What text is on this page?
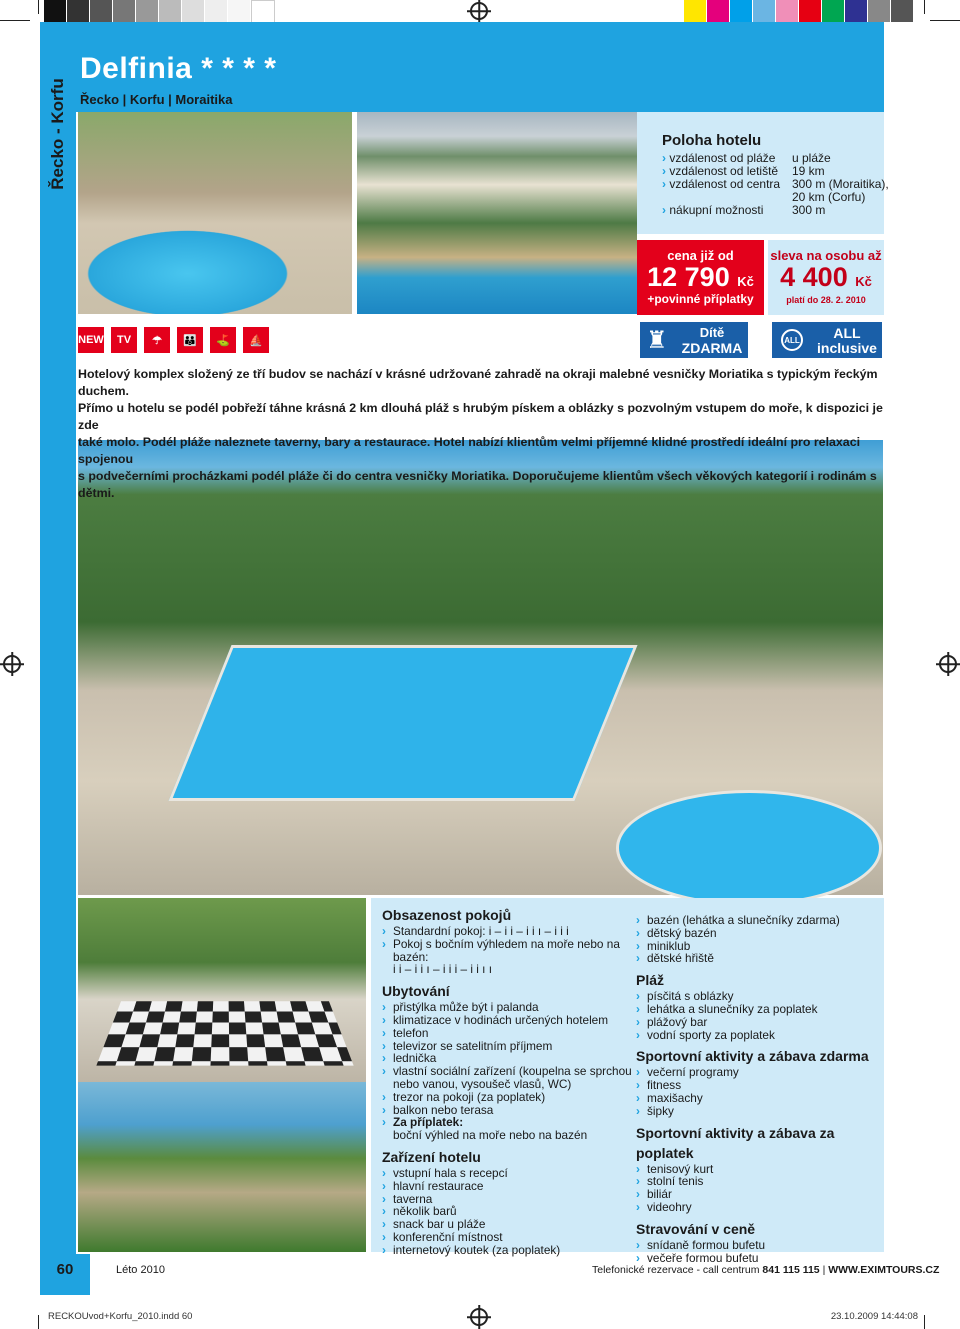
Řecko - Korfu
Delfinia * * * *
Řecko | Korfu | Moraitika
Poloha hotelu
› vzdálenost od pláže u pláže
› vzdálenost od letiště 19 km
› vzdálenost od centra 300 m (Moraitika),
20 km (Corfu)
› nákupní možnosti 300 m
cena již od
12 790 Kč
+povinné příplatky
sleva na osobu až
4 400 Kč
platí do 28. 2. 2010
NEW	TV	☂	👪	⛳	⛵	♜	Dítě
ZDARMA	ALL	ALL
inclusive

Hotelový komplex složený ze tří budov se nachází v krásné udržované zahradě na okraji malebné vesničky Moriatika s typickým řeckým duchem.

Přímo u hotelu se podél pobřeží táhne krásná 2 km dlouhá pláž s hrubým pískem a oblázky s pozvolným vstupem do moře, k dispozici je zde

také molo. Podél pláže naleznete taverny, bary a restaurace. Hotel nabízí klientům velmi příjemné klidné prostředí ideální pro relaxaci spojenou

s podvečerními procházkami podél pláže či do centra vesničky Moriatika. Doporučujeme klientům všech věkových kategorií i rodinám s dětmi.

Obsazenost pokojů
› Standardní pokoj: i – i i – i i ı – i i i
› Pokoj s bočním výhledem na moře nebo na bazén:
i i – i i ı – i i i – i i ı ı
Ubytování
› přistýlka může být i palanda
› klimatizace v hodinách určených hotelem
› telefon
› televizor se satelitním příjmem
› lednička
› vlastní sociální zařízení (koupelna se sprchou
nebo vanou, vysoušeč vlasů, WC)
› trezor na pokoji (za poplatek)
› balkon nebo terasa
› Za příplatek:
boční výhled na moře nebo na bazén
Zařízení hotelu
› vstupní hala s recepcí
› hlavní restaurace
› taverna
› několik barů
› snack bar u pláže
› konferenční místnost
› internetový koutek (za poplatek)
› bazén (lehátka a slunečníky zdarma)
› dětský bazén
› miniklub
› dětské hřiště
Pláž
› písčitá s oblázky
› lehátka a slunečníky za poplatek
› plážový bar
› vodní sporty za poplatek
Sportovní aktivity a zábava zdarma
› večerní programy
› fitness
› maxišachy
› šipky
Sportovní aktivity a zábava za poplatek
› tenisový kurt
› stolní tenis
› biliár
› videohry
Stravování v ceně
› snídaně formou bufetu
› večeře formou bufetu
60	Léto 2010	Telefonické rezervace - call centrum 841 115 115 | WWW.EXIMTOURS.CZ
RECKOUvod+Korfu_2010.indd 60	23.10.2009 14:44:08
